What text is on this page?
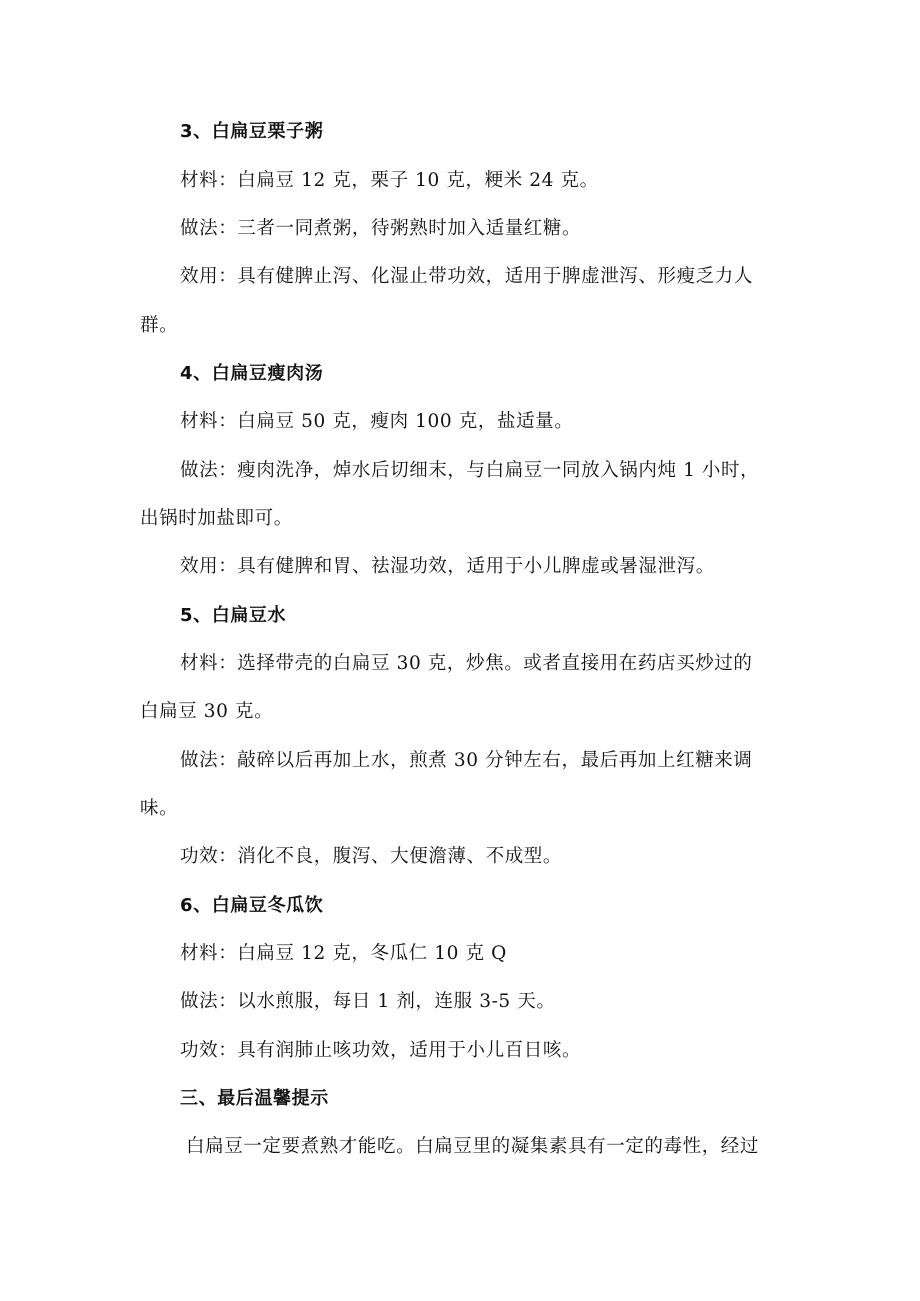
3、白扁豆栗子粥
材料：白扁豆 12 克，栗子 10 克，粳米 24 克。
做法：三者一同煮粥，待粥熟时加入适量红糖。
效用：具有健脾止泻、化湿止带功效，适用于脾虚泄泻、形瘦乏力人
群。
4、白扁豆瘦肉汤
材料：白扁豆 50 克，瘦肉 100 克，盐适量。
做法：瘦肉洗净，焯水后切细末，与白扁豆一同放入锅内炖 1 小时，
出锅时加盐即可。
效用：具有健脾和胃、祛湿功效，适用于小儿脾虚或暑湿泄泻。
5、白扁豆水
材料：选择带壳的白扁豆 30 克，炒焦。或者直接用在药店买炒过的
白扁豆 30 克。
做法：敲碎以后再加上水，煎煮 30 分钟左右，最后再加上红糖来调
味。
功效：消化不良，腹泻、大便澹薄、不成型。
6、白扁豆冬瓜饮
材料：白扁豆 12 克，冬瓜仁 10 克 Q
做法：以水煎服，每日 1 剂，连服 3-5 天。
功效：具有润肺止咳功效，适用于小儿百日咳。
三、最后温馨提示
白扁豆一定要煮熟才能吃。白扁豆里的凝集素具有一定的毒性，经过
